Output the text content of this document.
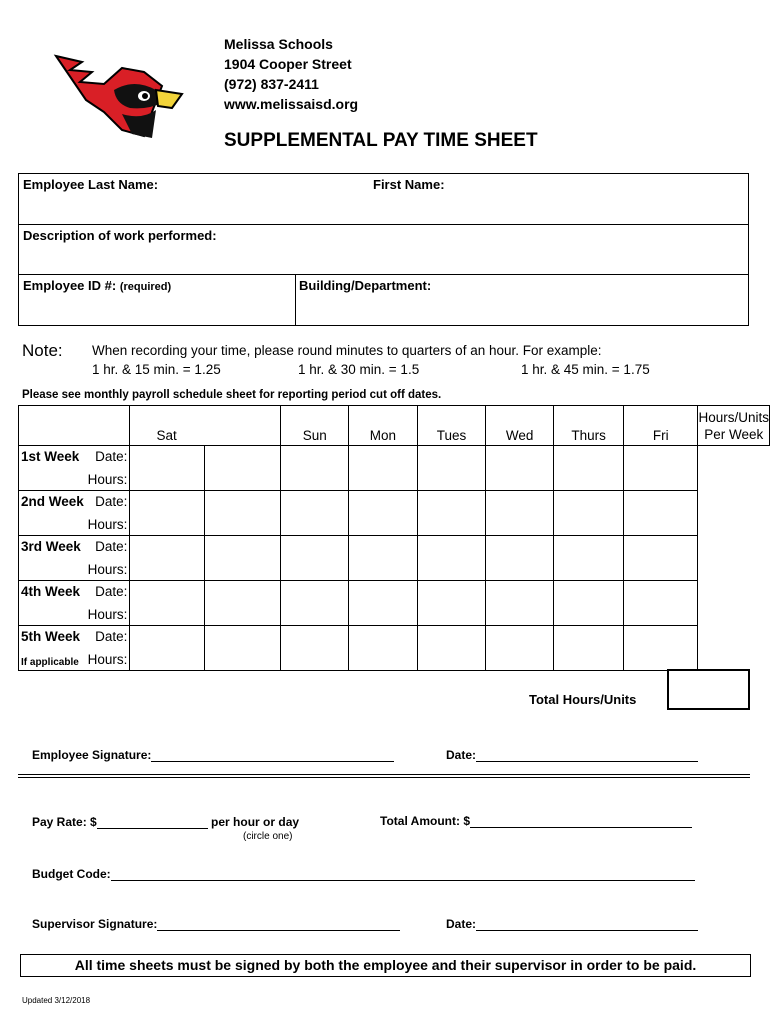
Melissa Schools
1904 Cooper Street
(972) 837-2411
www.melissaisd.org
SUPPLEMENTAL PAY TIME SHEET
Employee Last Name:	First Name:
Description of work performed:
Employee ID #: (required)	Building/Department:
Note: When recording your time, please round minutes to quarters of an hour. For example:
1 hr. & 15 min. = 1.25	1 hr. & 30 min. = 1.5	1 hr. & 45 min. = 1.75
Please see monthly payroll schedule sheet for reporting period cut off dates.
	Sat		Sun	Mon	Tues	Wed	Thurs	Fri	Hours/Units
Per Week

1st Week Date:									

Hours:									

2nd Week Date:									

Hours:									

3rd Week Date:									

Hours:									

4th Week Date:									

Hours:									

5th Week Date:									

If applicable Hours:									

Total Hours/Units
Employee Signature:	Date:
Pay Rate: $	per hour or day
(circle one)
Total Amount: $
Budget Code:
Supervisor Signature:	Date:
All time sheets must be signed by both the employee and their supervisor in order to be paid.
Updated 3/12/2018
